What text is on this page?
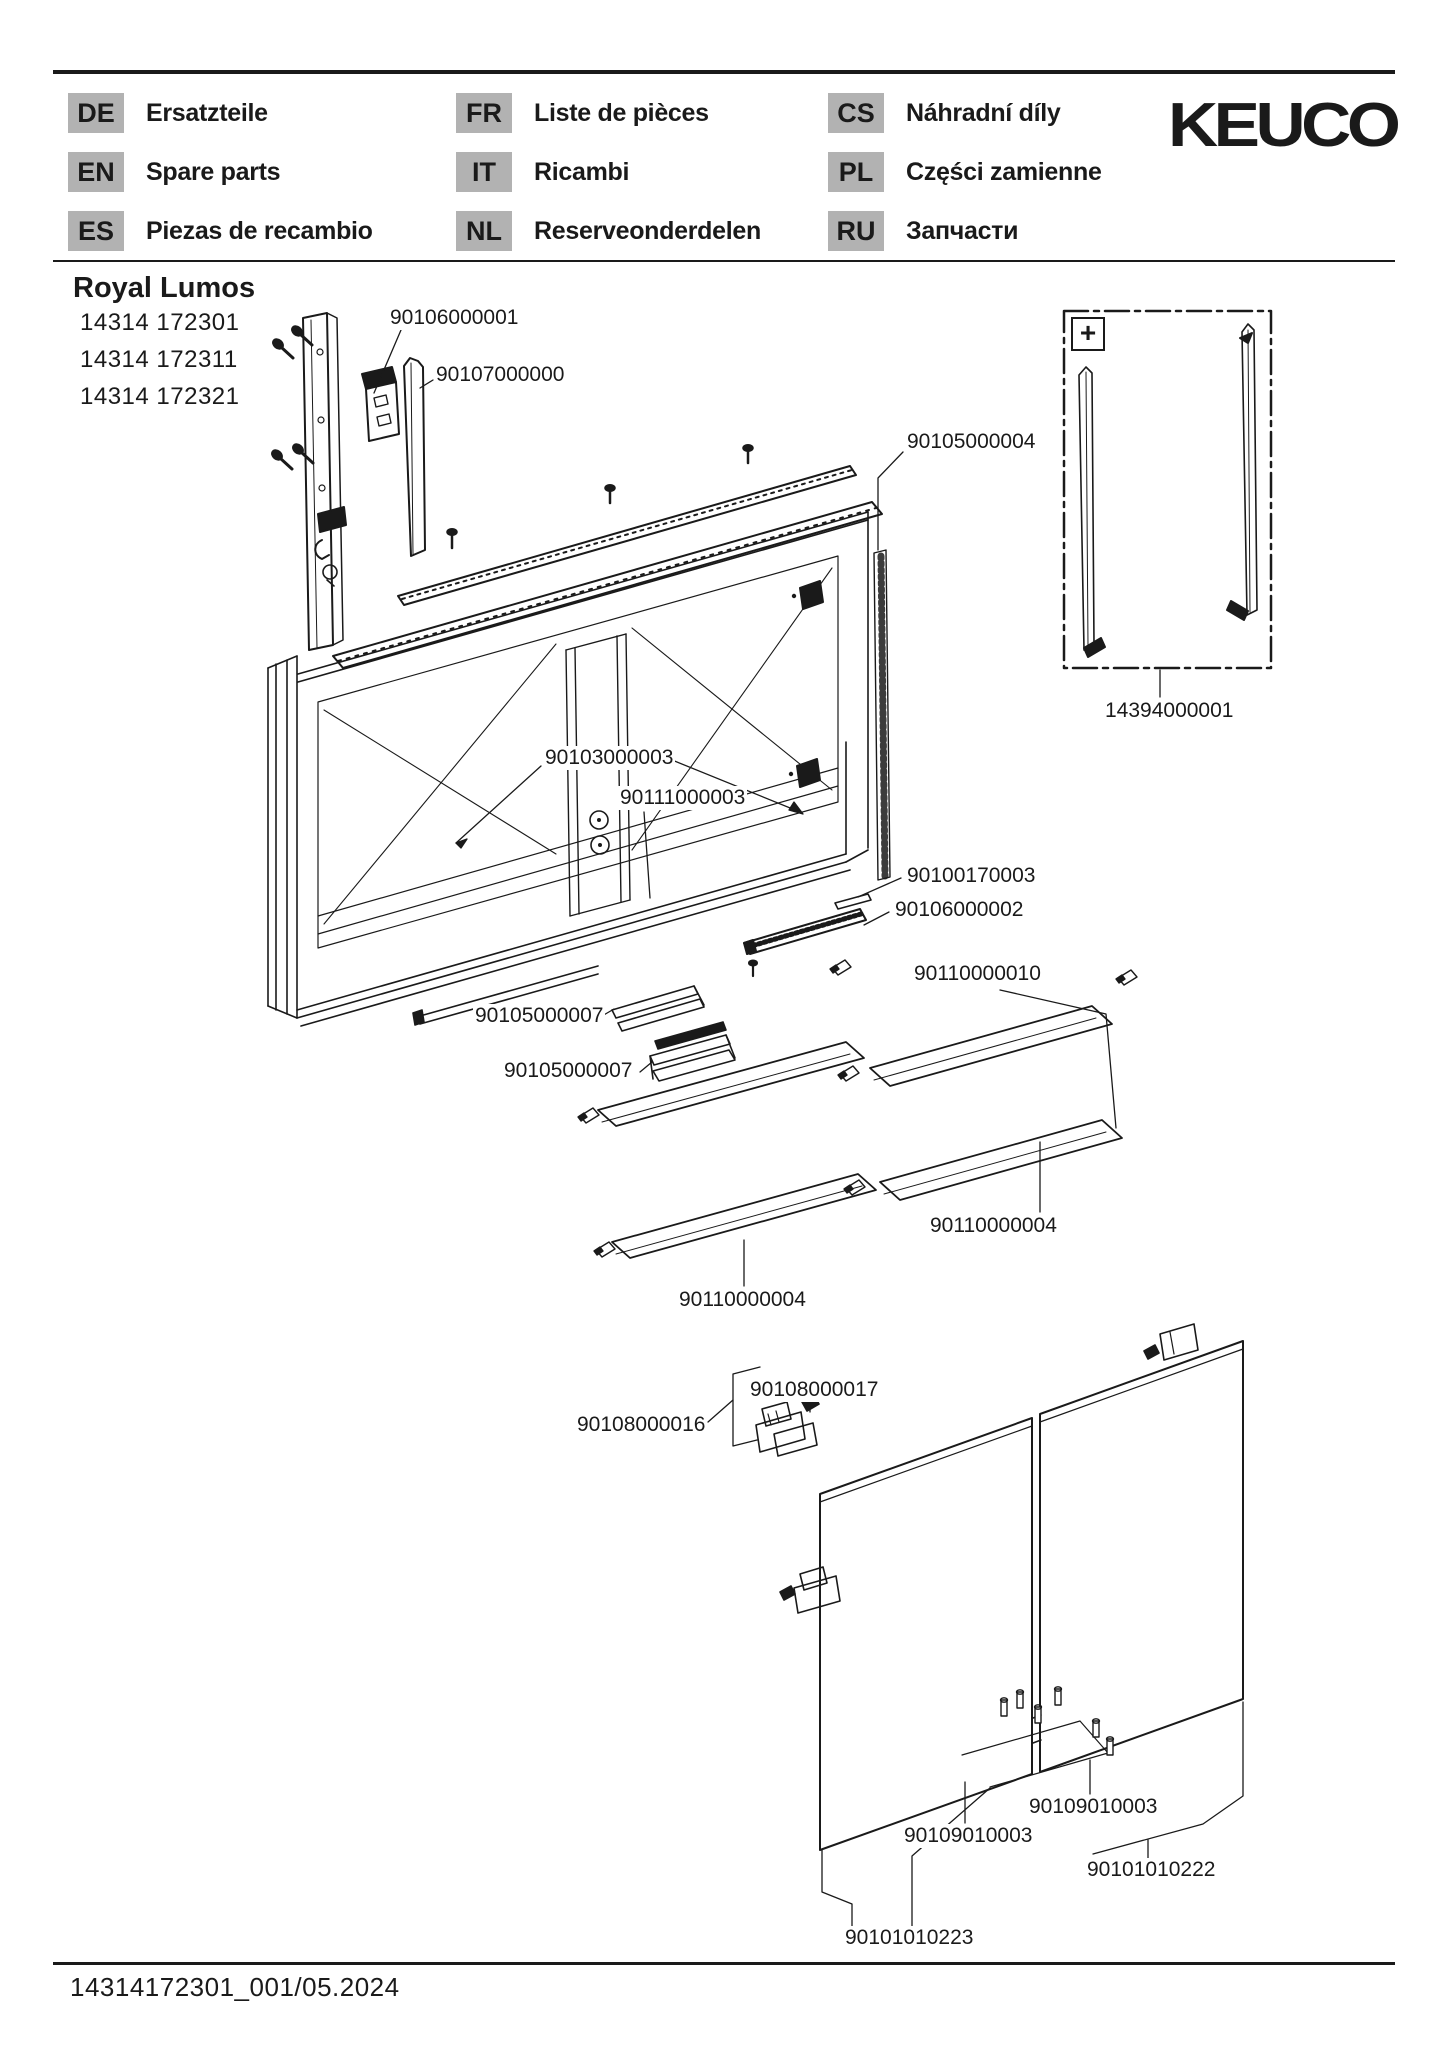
DE	Ersatzteile
EN	Spare parts
ES	Piezas de recambio
FR	Liste de pièces
IT	Ricambi
NL	Reserveonderdelen
CS	Náhradní díly
PL	Części zamienne
RU	Запчасти
KEUCO
Royal Lumos
14314 172301
14314 172311
14314 172321
+
90106000001
90107000000
90105000004
14394000001
90103000003
90111000003
90100170003
90106000002
90110000010
90105000007
90105000007
90110000004
90110000004
90108000017
90108000016
90109010003
90109010003
90101010222
90101010223
14314172301_001/05.2024
